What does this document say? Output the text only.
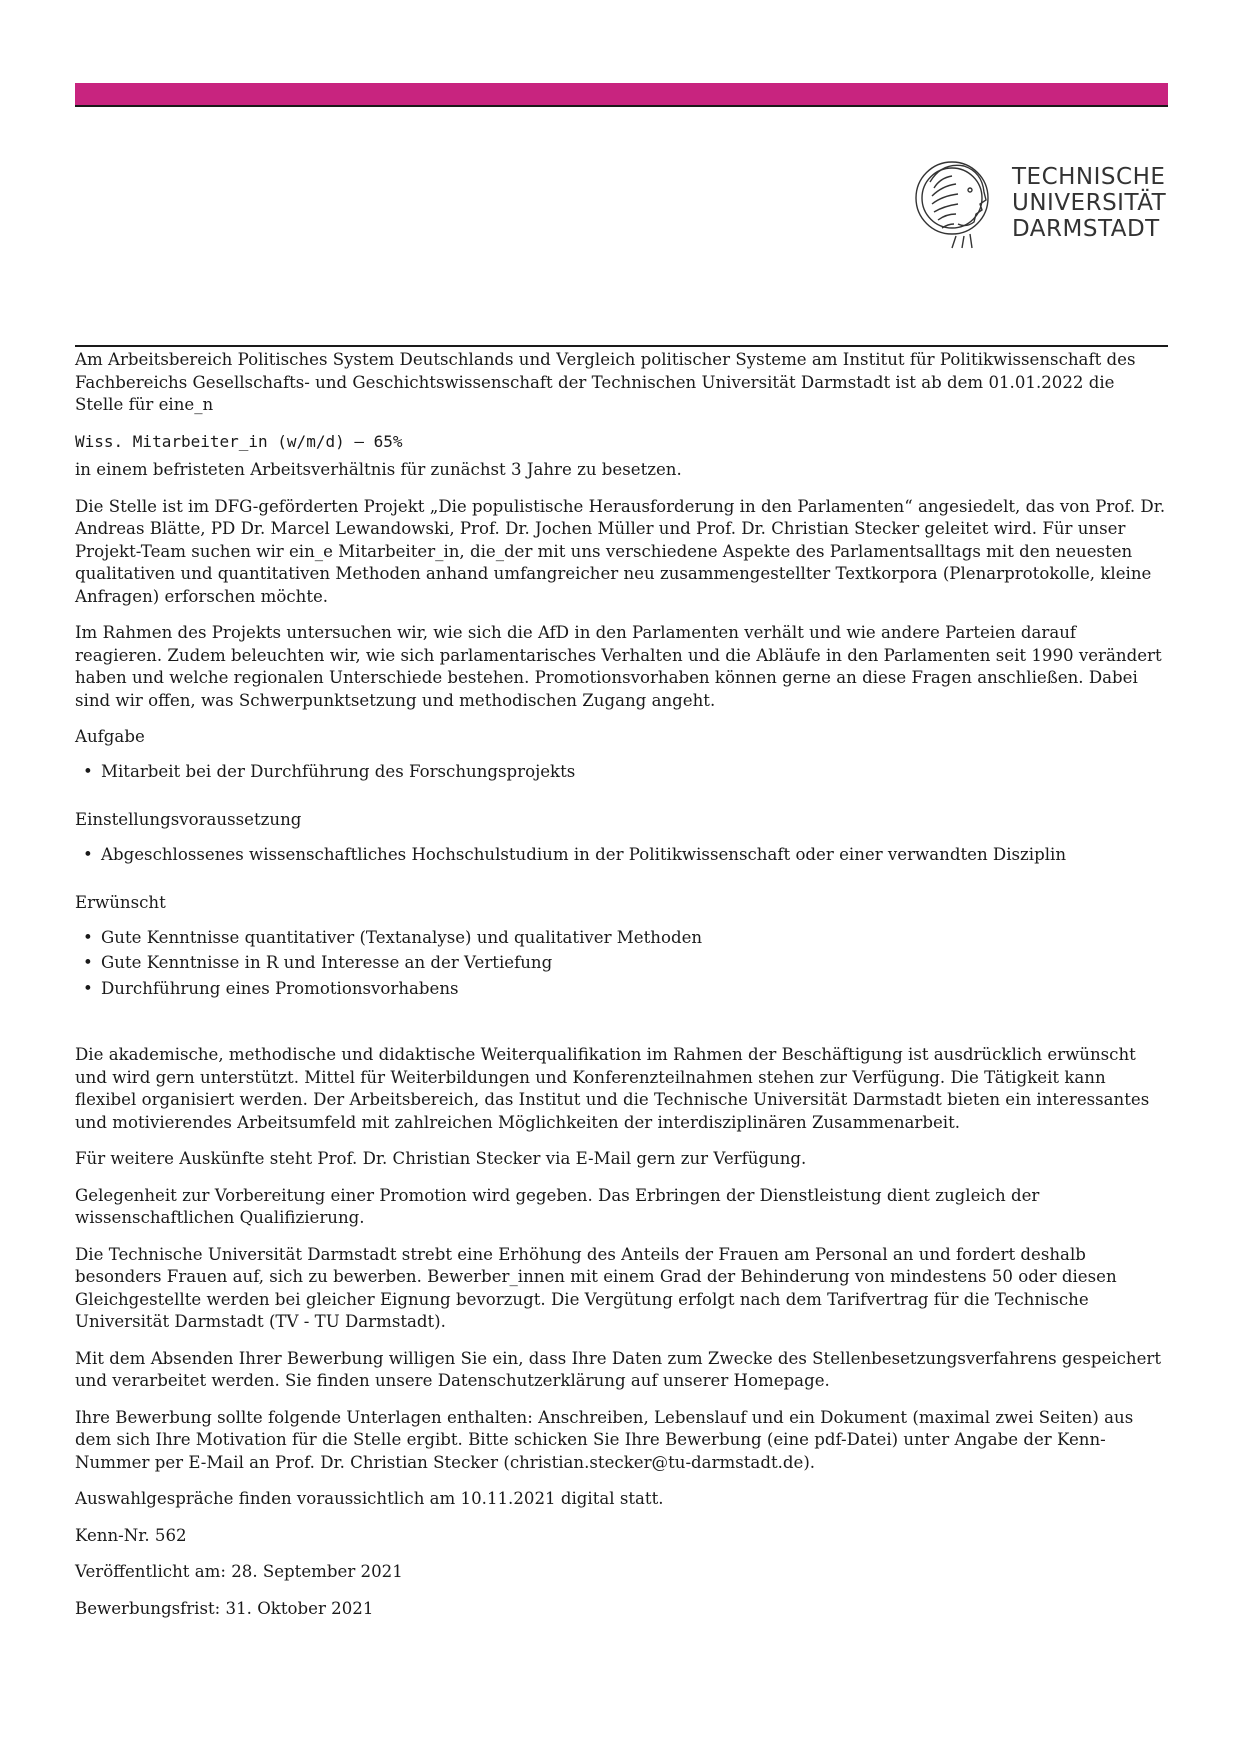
TECHNISCHE
UNIVERSITÄT
DARMSTADT

Am Arbeitsbereich Politisches System Deutschlands und Vergleich politischer Systeme am Institut für Politikwissenschaft des Fachbereichs Gesellschafts- und Geschichtswissenschaft der Technischen Universität Darmstadt ist ab dem 01.01.2022 die Stelle für eine_n

Wiss. Mitarbeiter_in (w/m/d) – 65%

in einem befristeten Arbeitsverhältnis für zunächst 3 Jahre zu besetzen.

Die Stelle ist im DFG-geförderten Projekt „Die populistische Herausforderung in den Parlamenten“ angesiedelt, das von Prof. Dr. Andreas Blätte, PD Dr. Marcel Lewandowski, Prof. Dr. Jochen Müller und Prof. Dr. Christian Stecker geleitet wird. Für unser Projekt-Team suchen wir ein_e Mitarbeiter_in, die_der mit uns verschiedene Aspekte des Parlamentsalltags mit den neuesten qualitativen und quantitativen Methoden anhand umfangreicher neu zusammengestellter Textkorpora (Plenarprotokolle, kleine Anfragen) erforschen möchte.

Im Rahmen des Projekts untersuchen wir, wie sich die AfD in den Parlamenten verhält und wie andere Parteien darauf reagieren. Zudem beleuchten wir, wie sich parlamentarisches Verhalten und die Abläufe in den Parlamenten seit 1990 verändert haben und welche regionalen Unterschiede bestehen. Promotionsvorhaben können gerne an diese Fragen anschließen. Dabei sind wir offen, was Schwerpunktsetzung und methodischen Zugang angeht.

Aufgabe

• Mitarbeit bei der Durchführung des Forschungsprojekts

Einstellungsvoraussetzung

• Abgeschlossenes wissenschaftliches Hochschulstudium in der Politikwissenschaft oder einer verwandten Disziplin

Erwünscht

• Gute Kenntnisse quantitativer (Textanalyse) und qualitativer Methoden
• Gute Kenntnisse in R und Interesse an der Vertiefung
• Durchführung eines Promotionsvorhabens

Die akademische, methodische und didaktische Weiterqualifikation im Rahmen der Beschäftigung ist ausdrücklich erwünscht und wird gern unterstützt. Mittel für Weiterbildungen und Konferenzteilnahmen stehen zur Verfügung. Die Tätigkeit kann flexibel organisiert werden. Der Arbeitsbereich, das Institut und die Technische Universität Darmstadt bieten ein interessantes und motivierendes Arbeitsumfeld mit zahlreichen Möglichkeiten der interdisziplinären Zusammenarbeit.

Für weitere Auskünfte steht Prof. Dr. Christian Stecker via E-Mail gern zur Verfügung.

Gelegenheit zur Vorbereitung einer Promotion wird gegeben. Das Erbringen der Dienstleistung dient zugleich der wissenschaftlichen Qualifizierung.

Die Technische Universität Darmstadt strebt eine Erhöhung des Anteils der Frauen am Personal an und fordert deshalb besonders Frauen auf, sich zu bewerben. Bewerber_innen mit einem Grad der Behinderung von mindestens 50 oder diesen Gleichgestellte werden bei gleicher Eignung bevorzugt. Die Vergütung erfolgt nach dem Tarifvertrag für die Technische Universität Darmstadt (TV - TU Darmstadt).

Mit dem Absenden Ihrer Bewerbung willigen Sie ein, dass Ihre Daten zum Zwecke des Stellenbesetzungsverfahrens gespeichert und verarbeitet werden. Sie finden unsere Datenschutzerklärung auf unserer Homepage.

Ihre Bewerbung sollte folgende Unterlagen enthalten: Anschreiben, Lebenslauf und ein Dokument (maximal zwei Seiten) aus dem sich Ihre Motivation für die Stelle ergibt. Bitte schicken Sie Ihre Bewerbung (eine pdf-Datei) unter Angabe der Kenn-Nummer per E-Mail an Prof. Dr. Christian Stecker (christian.stecker@tu-darmstadt.de).

Auswahlgespräche finden voraussichtlich am 10.11.2021 digital statt.

Kenn-Nr. 562

Veröffentlicht am: 28. September 2021

Bewerbungsfrist: 31. Oktober 2021
